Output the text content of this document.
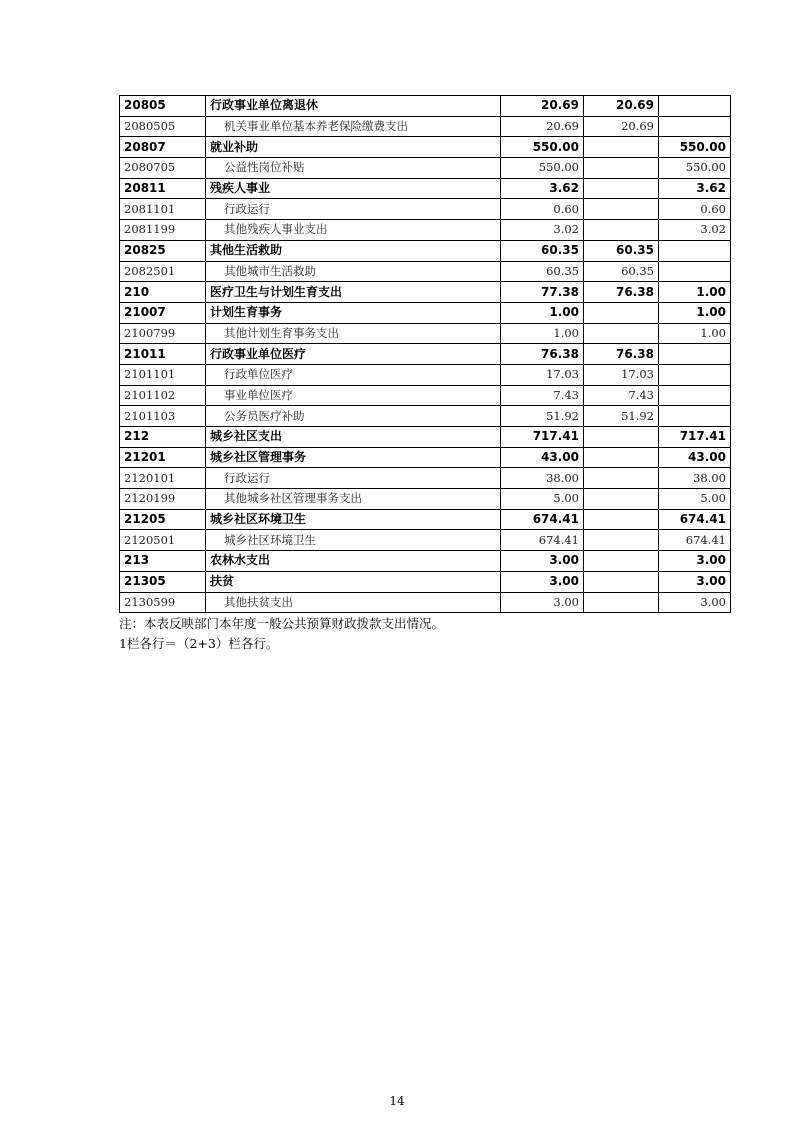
20805	行政事业单位离退休	20.69	20.69	
2080505	机关事业单位基本养老保险缴费支出	20.69	20.69	
20807	就业补助	550.00		550.00
2080705	公益性岗位补贴	550.00		550.00
20811	残疾人事业	3.62		3.62
2081101	行政运行	0.60		0.60
2081199	其他残疾人事业支出	3.02		3.02
20825	其他生活救助	60.35	60.35	
2082501	其他城市生活救助	60.35	60.35	
210	医疗卫生与计划生育支出	77.38	76.38	1.00
21007	计划生育事务	1.00		1.00
2100799	其他计划生育事务支出	1.00		1.00
21011	行政事业单位医疗	76.38	76.38	
2101101	行政单位医疗	17.03	17.03	
2101102	事业单位医疗	7.43	7.43	
2101103	公务员医疗补助	51.92	51.92	
212	城乡社区支出	717.41		717.41
21201	城乡社区管理事务	43.00		43.00
2120101	行政运行	38.00		38.00
2120199	其他城乡社区管理事务支出	5.00		5.00
21205	城乡社区环境卫生	674.41		674.41
2120501	城乡社区环境卫生	674.41		674.41
213	农林水支出	3.00		3.00
21305	扶贫	3.00		3.00
2130599	其他扶贫支出	3.00		3.00
注：本表反映部门本年度一般公共预算财政拨款支出情况。
1栏各行＝（2+3）栏各行。
14
